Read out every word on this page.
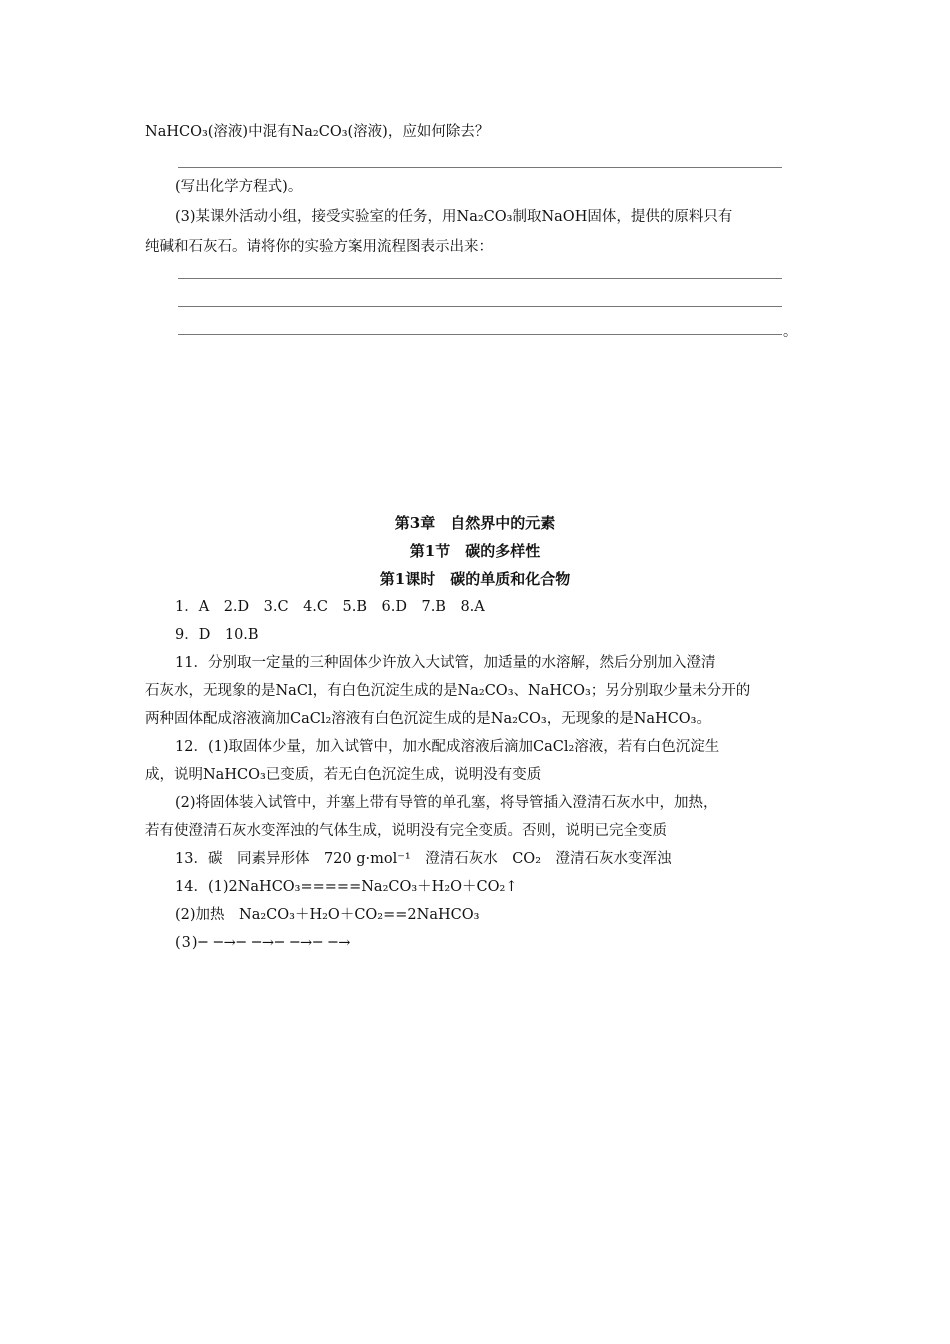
NaHCO₃(溶液)中混有Na₂CO₃(溶液)，应如何除去？
(写出化学方程式)。
(3)某课外活动小组，接受实验室的任务，用Na₂CO₃制取NaOH固体，提供的原料只有
纯碱和石灰石。请将你的实验方案用流程图表示出来：
。
第3章　自然界中的元素
第1节　碳的多样性
第1课时　碳的单质和化合物
1．A　2.D　3.C　4.C　5.B　6.D　7.B　8.A
9．D　10.B
11．分别取一定量的三种固体少许放入大试管，加适量的水溶解，然后分别加入澄清
石灰水，无现象的是NaCl，有白色沉淀生成的是Na₂CO₃、NaHCO₃；另分别取少量未分开的
两种固体配成溶液滴加CaCl₂溶液有白色沉淀生成的是Na₂CO₃，无现象的是NaHCO₃。
12．(1)取固体少量，加入试管中，加水配成溶液后滴加CaCl₂溶液，若有白色沉淀生
成，说明NaHCO₃已变质，若无白色沉淀生成，说明没有变质
(2)将固体装入试管中，并塞上带有导管的单孔塞，将导管插入澄清石灰水中，加热，
若有使澄清石灰水变浑浊的气体生成，说明没有完全变质。否则，说明已完全变质
13．碳　同素异形体　720 g·mol⁻¹　澄清石灰水　CO₂　澄清石灰水变浑浊
14．(1)2NaHCO₃=====Na₂CO₃＋H₂O＋CO₂↑
(2)加热　Na₂CO₃＋H₂O＋CO₂==2NaHCO₃
(3)─ ─→─ ─→─ ─→─ ─→
